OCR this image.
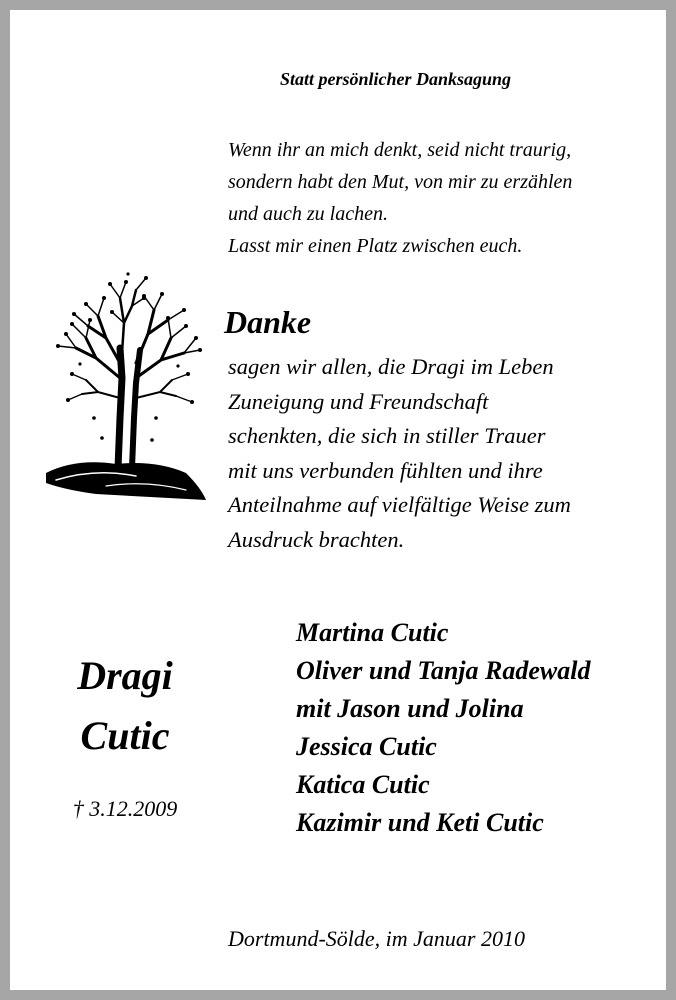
Statt persönlicher Danksagung
Wenn ihr an mich denkt, seid nicht traurig,
sondern habt den Mut, von mir zu erzählen
und auch zu lachen.
Lasst mir einen Platz zwischen euch.
Danke
sagen wir allen, die Dragi im Leben
Zuneigung und Freundschaft
schenkten, die sich in stiller Trauer
mit uns verbunden fühlten und ihre
Anteilnahme auf vielfältige Weise zum
Ausdruck brachten.
Dragi
Cutic
† 3.12.2009
Martina Cutic
Oliver und Tanja Radewald
mit Jason und Jolina
Jessica Cutic
Katica Cutic
Kazimir und Keti Cutic
Dortmund-Sölde, im Januar 2010
